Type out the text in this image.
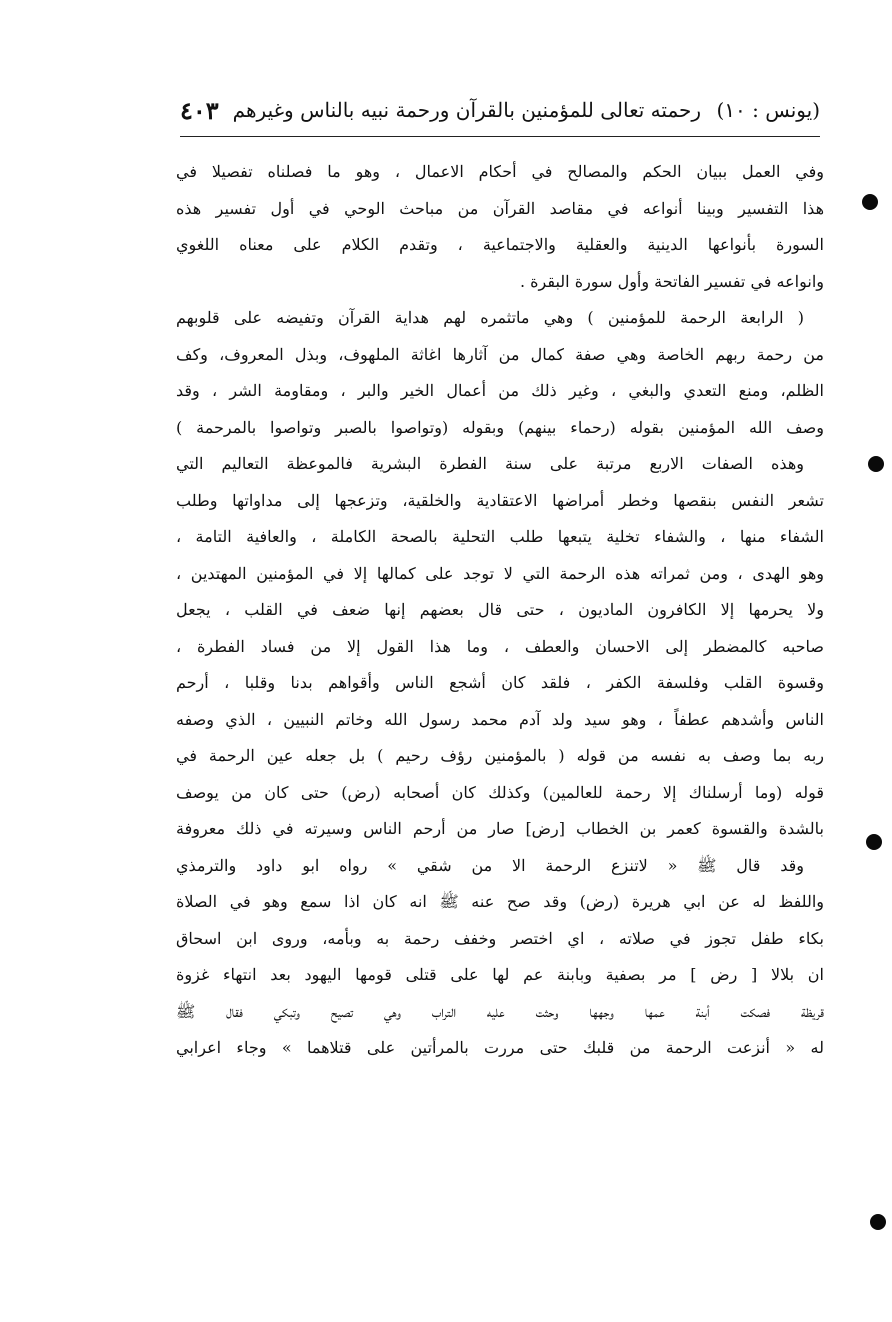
(يونس : ١٠)
رحمته تعالى للمؤمنين بالقرآن ورحمة نبيه بالناس وغيرهم
٤٠٣
وفي العمل ببيان الحكم والمصالح في أحكام الاعمال ، وهو ما فصلناه تفصيلا في
هذا التفسير وبينا أنواعه في مقاصد القرآن من مباحث الوحي في أول تفسير هذه
السورة بأنواعها الدينية والعقلية والاجتماعية ، وتقدم الكلام على معناه اللغوي
وانواعه في تفسير الفاتحة وأول سورة البقرة .
( الرابعة الرحمة للمؤمنين ) وهي ماتثمره لهم هداية القرآن وتفيضه على قلوبهم
من رحمة ربهم الخاصة وهي صفة كمال من آثارها اغاثة الملهوف، وبذل المعروف، وكف
الظلم، ومنع التعدي والبغي ، وغير ذلك من أعمال الخير والبر ، ومقاومة الشر ، وقد
وصف الله المؤمنين بقوله (رحماء بينهم) وبقوله (وتواصوا بالصبر وتواصوا بالمرحمة )
وهذه الصفات الاربع مرتبة على سنة الفطرة البشرية فالموعظة التعاليم التي
تشعر النفس بنقصها وخطر أمراضها الاعتقادية والخلقية، وتزعجها إلى مداواتها وطلب
الشفاء منها ، والشفاء تخلية يتبعها طلب التحلية بالصحة الكاملة ، والعافية التامة ،
وهو الهدى ، ومن ثمراته هذه الرحمة التي لا توجد على كمالها إلا في المؤمنين المهتدين ،
ولا يحرمها إلا الكافرون الماديون ، حتى قال بعضهم إنها ضعف في القلب ، يجعل
صاحبه كالمضطر إلى الاحسان والعطف ، وما هذا القول إلا من فساد الفطرة ،
وقسوة القلب وفلسفة الكفر ، فلقد كان أشجع الناس وأقواهم بدنا وقلبا ، أرحم
الناس وأشدهم عطفاً ، وهو سيد ولد آدم محمد رسول الله وخاتم النبيين ، الذي وصفه
ربه بما وصف به نفسه من قوله ( بالمؤمنين رؤف رحيم ) بل جعله عين الرحمة في
قوله (وما أرسلناك إلا رحمة للعالمين) وكذلك كان أصحابه (رض) حتى كان من يوصف
بالشدة والقسوة كعمر بن الخطاب [رض] صار من أرحم الناس وسيرته في ذلك معروفة
وقد قال ﷺ « لاتنزع الرحمة الا من شقي » رواه ابو داود والترمذي
واللفظ له عن ابي هريرة (رض) وقد صح عنه ﷺ انه كان اذا سمع وهو في الصلاة
بكاء طفل تجوز في صلاته ، اي اختصر وخفف رحمة به وبأمه، وروى ابن اسحاق
ان بلالا [ رض ] مر بصفية وبابنة عم لها على قتلى قومها اليهود بعد انتهاء غزوة
قريظة فصكت أبنة عمها وجهها وحثت عليه التراب وهي تصيح وتبكي فقال ﷺ
له « أنزعت الرحمة من قلبك حتى مررت بالمرأتين على قتلاهما » وجاء اعرابي
